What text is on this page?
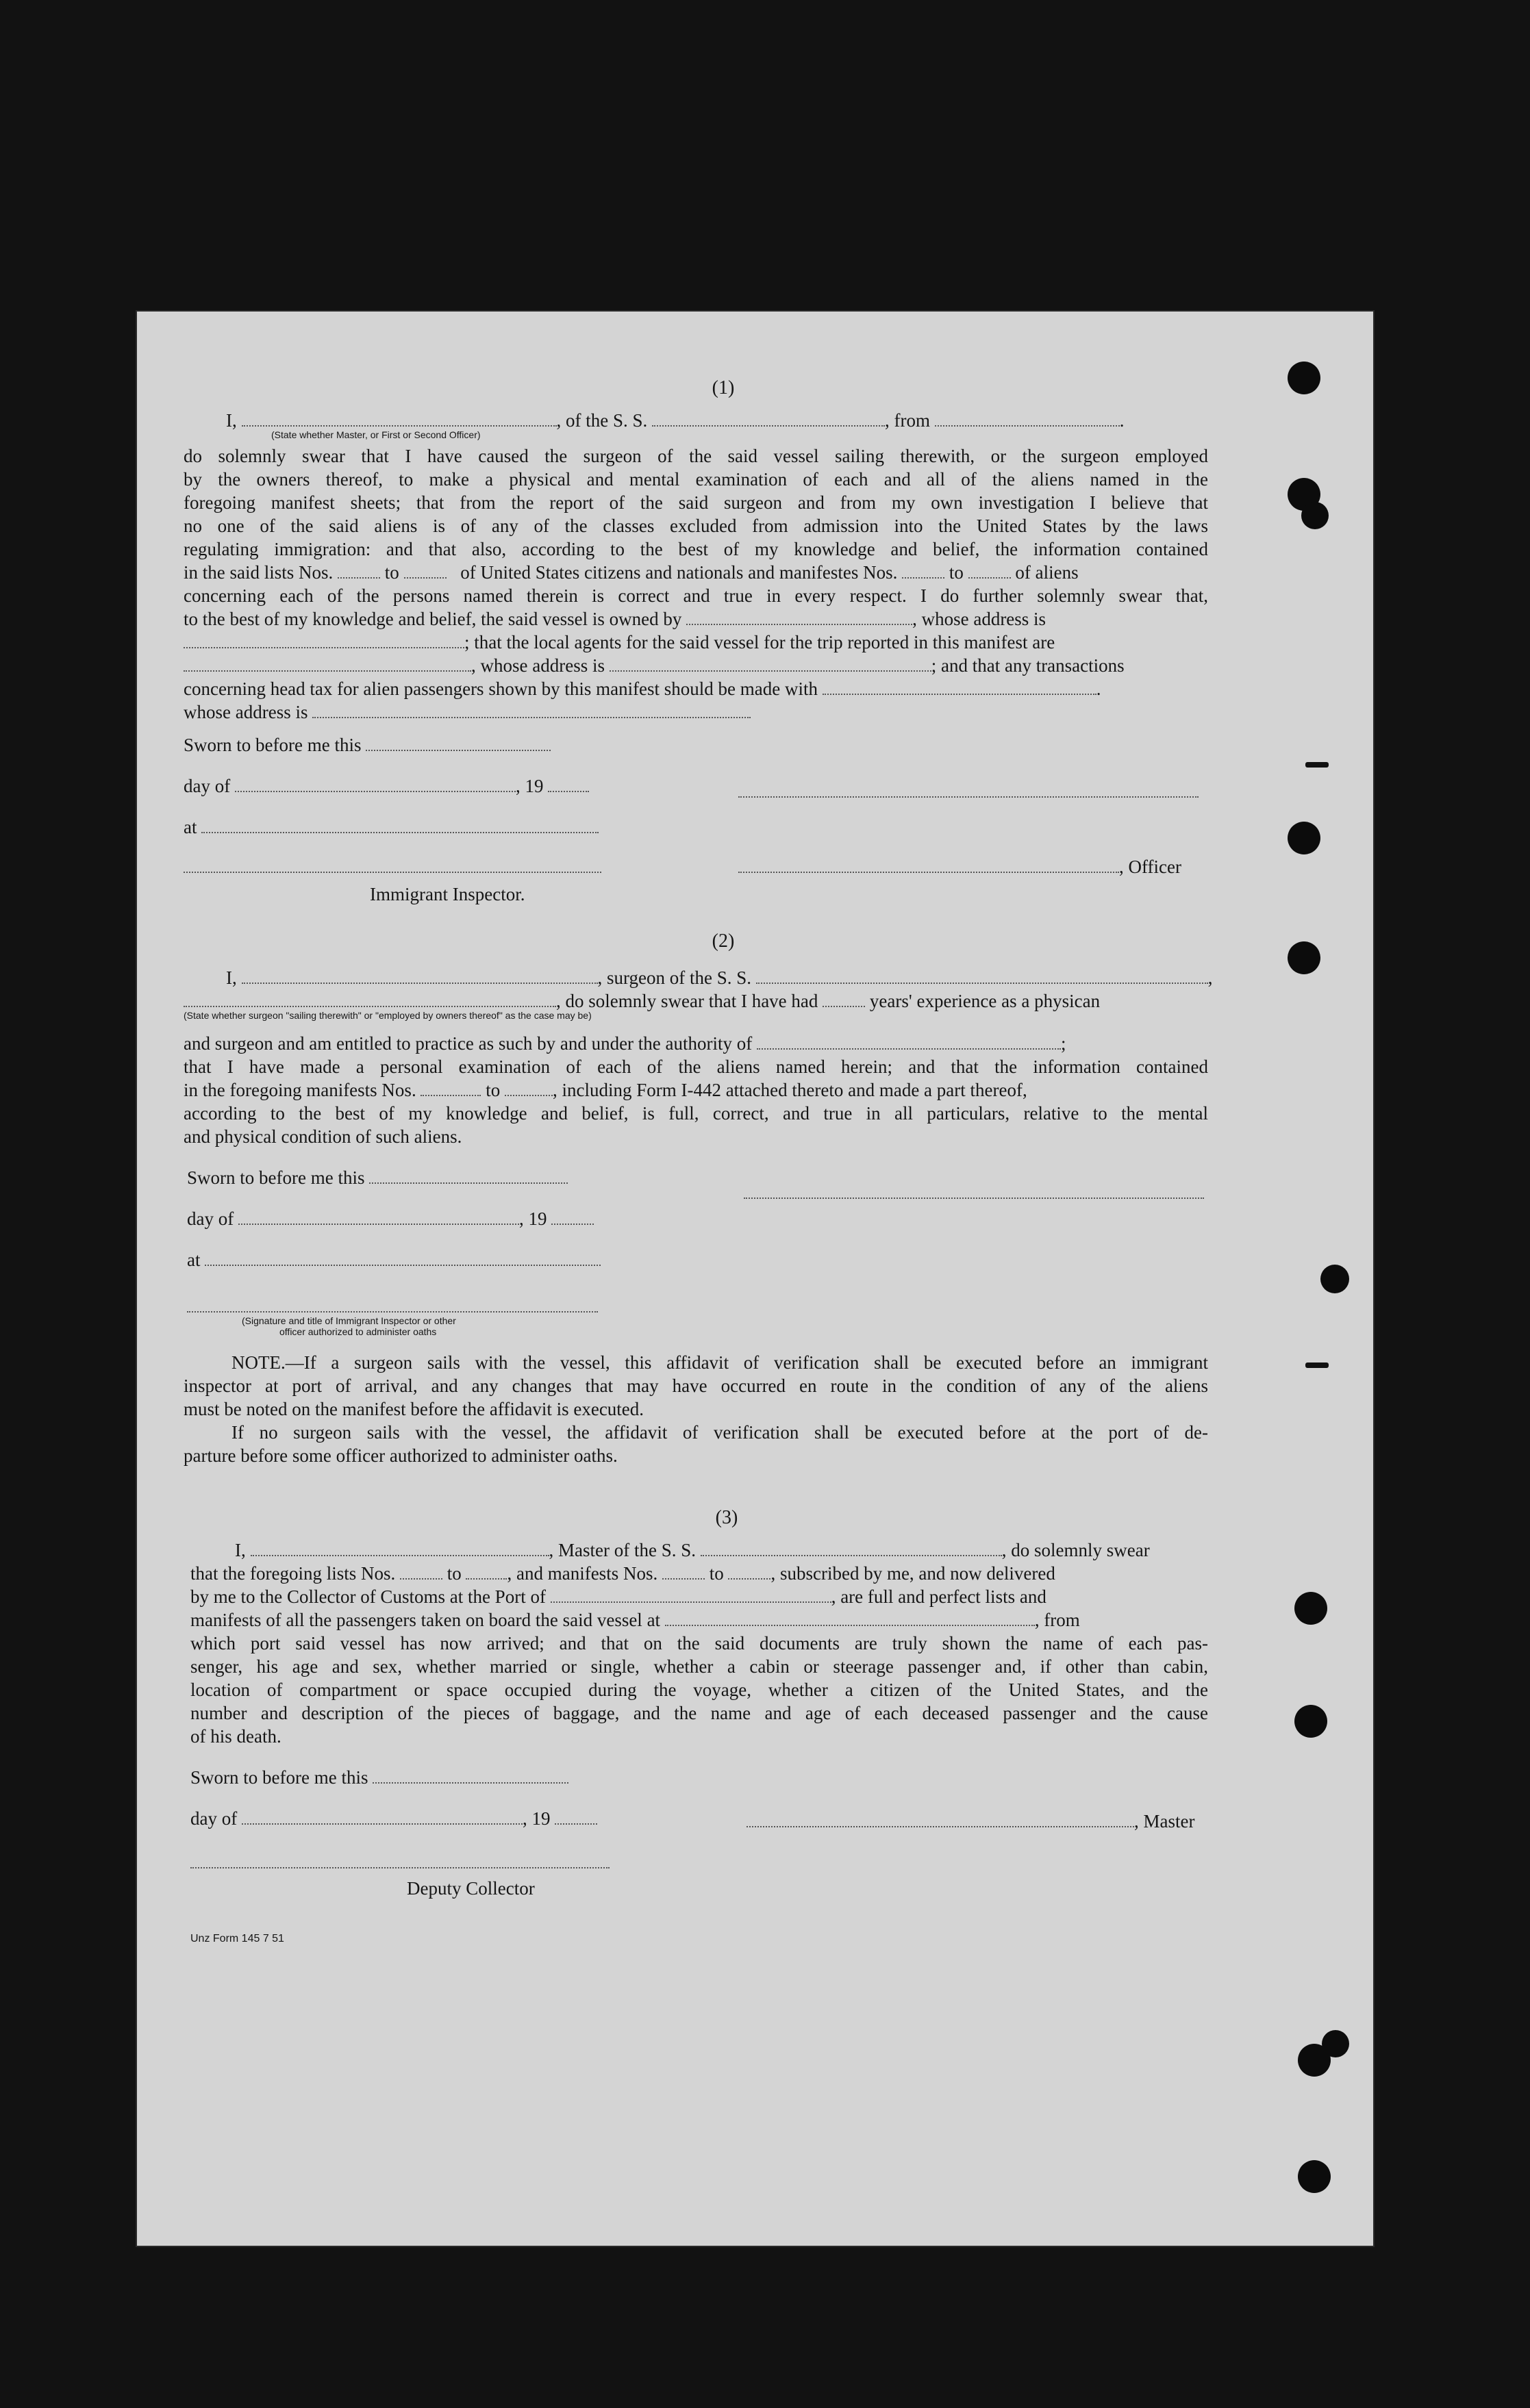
(1)
I,	, of the S. S.	, from	.
(State whether Master, or First or Second Officer)
do solemnly swear that I have caused the surgeon of the said vessel sailing therewith, or the surgeon employed
by the owners thereof, to make a physical and mental examination of each and all of the aliens named in the
foregoing manifest sheets; that from the report of the said surgeon and from my own investigation I believe that
no one of the said aliens is of any of the classes excluded from admission into the United States by the laws
regulating immigration: and that also, according to the best of my knowledge and belief, the information contained
in the said lists Nos.	to	of United States citizens and nationals and manifestes Nos.	to	of aliens
concerning each of the persons named therein is correct and true in every respect. I do further solemnly swear that,
to the best of my knowledge and belief, the said vessel is owned by	, whose address is
; that the local agents for the said vessel for the trip reported in this manifest are
, whose address is	; and that any transactions
concerning head tax for alien passengers shown by this manifest should be made with	.
whose address is
Sworn to before me this
day of	, 19
at
, Officer
Immigrant Inspector.
(2)
I,	, surgeon of the S. S.	,
, do solemnly swear that I have had	years' experience as a physican
(State whether surgeon "sailing therewith" or "employed by owners thereof" as the case may be)
and surgeon and am entitled to practice as such by and under the authority of	;
that I have made a personal examination of each of the aliens named herein; and that the information contained
in the foregoing manifests Nos.	to	, including Form I-442 attached thereto and made a part thereof,
according to the best of my knowledge and belief, is full, correct, and true in all particulars, relative to the mental
and physical condition of such aliens.
Sworn to before me this
day of	, 19
at
(Signature and title of Immigrant Inspector or other
officer authorized to administer oaths
NOTE.—If a surgeon sails with the vessel, this affidavit of verification shall be executed before an immigrant
inspector at port of arrival, and any changes that may have occurred en route in the condition of any of the aliens
must be noted on the manifest before the affidavit is executed.
If no surgeon sails with the vessel, the affidavit of verification shall be executed before at the port of de-
parture before some officer authorized to administer oaths.
(3)
I,	, Master of the S. S.	, do solemnly swear
that the foregoing lists Nos.	to , and manifests Nos.	to	, subscribed by me, and now delivered
by me to the Collector of Customs at the Port of	, are full and perfect lists and
manifests of all the passengers taken on board the said vessel at	, from
which port said vessel has now arrived; and that on the said documents are truly shown the name of each pas-
senger, his age and sex, whether married or single, whether a cabin or steerage passenger and, if other than cabin,
location of compartment or space occupied during the voyage, whether a citizen of the United States, and the
number and description of the pieces of baggage, and the name and age of each deceased passenger and the cause
of his death.
Sworn to before me this
day of	, 19	, Master
Deputy Collector
Unz Form 145 7 51
